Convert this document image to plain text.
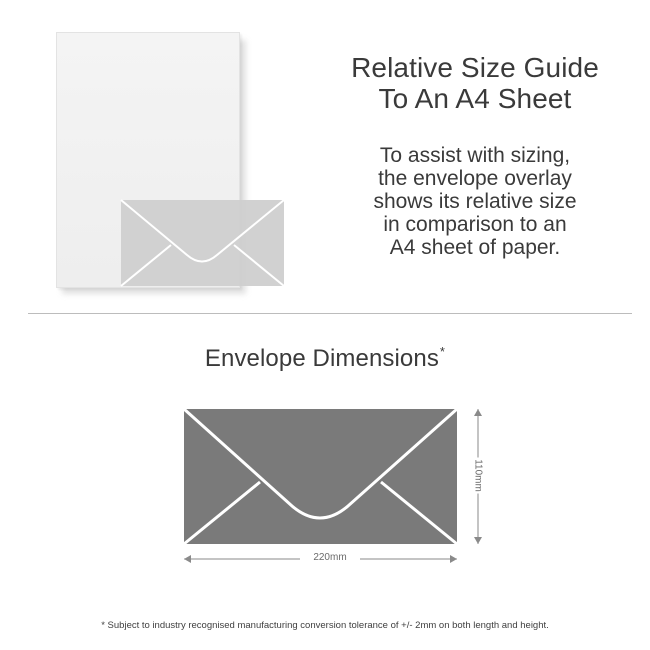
Relative Size Guide
To An A4 Sheet
To assist with sizing,
the envelope overlay
shows its relative size
in comparison to an
A4 sheet of paper.
Envelope Dimensions*
220mm
110mm
* Subject to industry recognised manufacturing conversion tolerance of +/- 2mm on both length and height.
